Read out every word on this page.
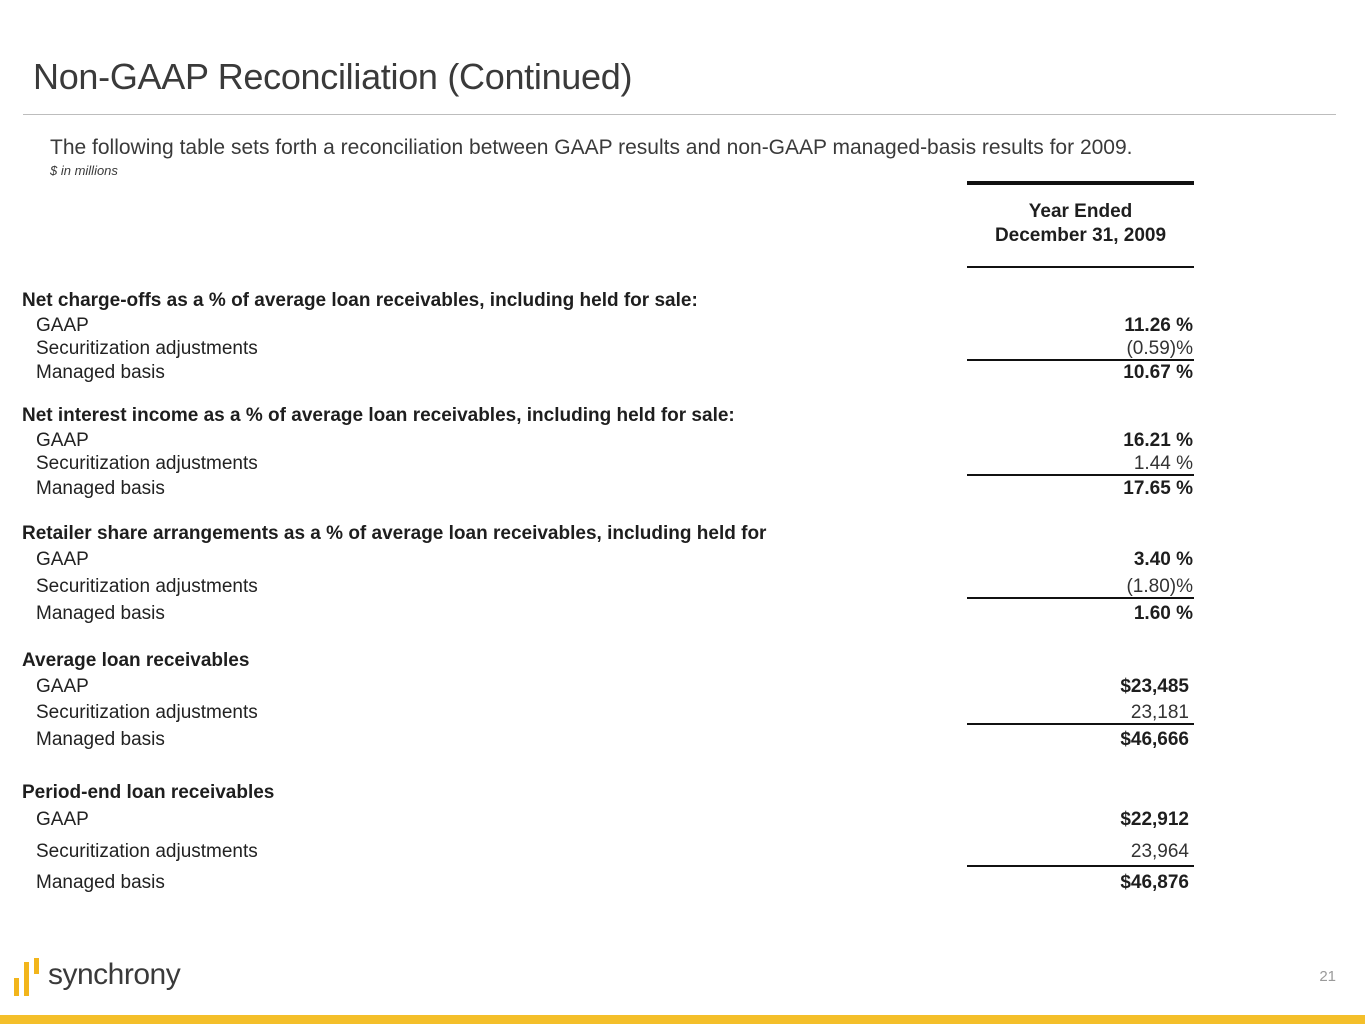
Non-GAAP Reconciliation (Continued)
The following table sets forth a reconciliation between GAAP results and non-GAAP managed-basis results for 2009.
$ in millions
Year Ended
December 31, 2009
Net charge-offs as a % of average loan receivables, including held for sale:
GAAP	11.26 %
Securitization adjustments	(0.59)%
Managed basis	10.67 %
Net interest income as a % of average loan receivables, including held for sale:
GAAP	16.21 %
Securitization adjustments	1.44 %
Managed basis	17.65 %
Retailer share arrangements as a % of average loan receivables, including held for
GAAP	3.40 %
Securitization adjustments	(1.80)%
Managed basis	1.60 %
Average loan receivables
GAAP	$23,485
Securitization adjustments	23,181
Managed basis	$46,666
Period-end loan receivables
GAAP	$22,912
Securitization adjustments	23,964
Managed basis	$46,876
synchrony	21
